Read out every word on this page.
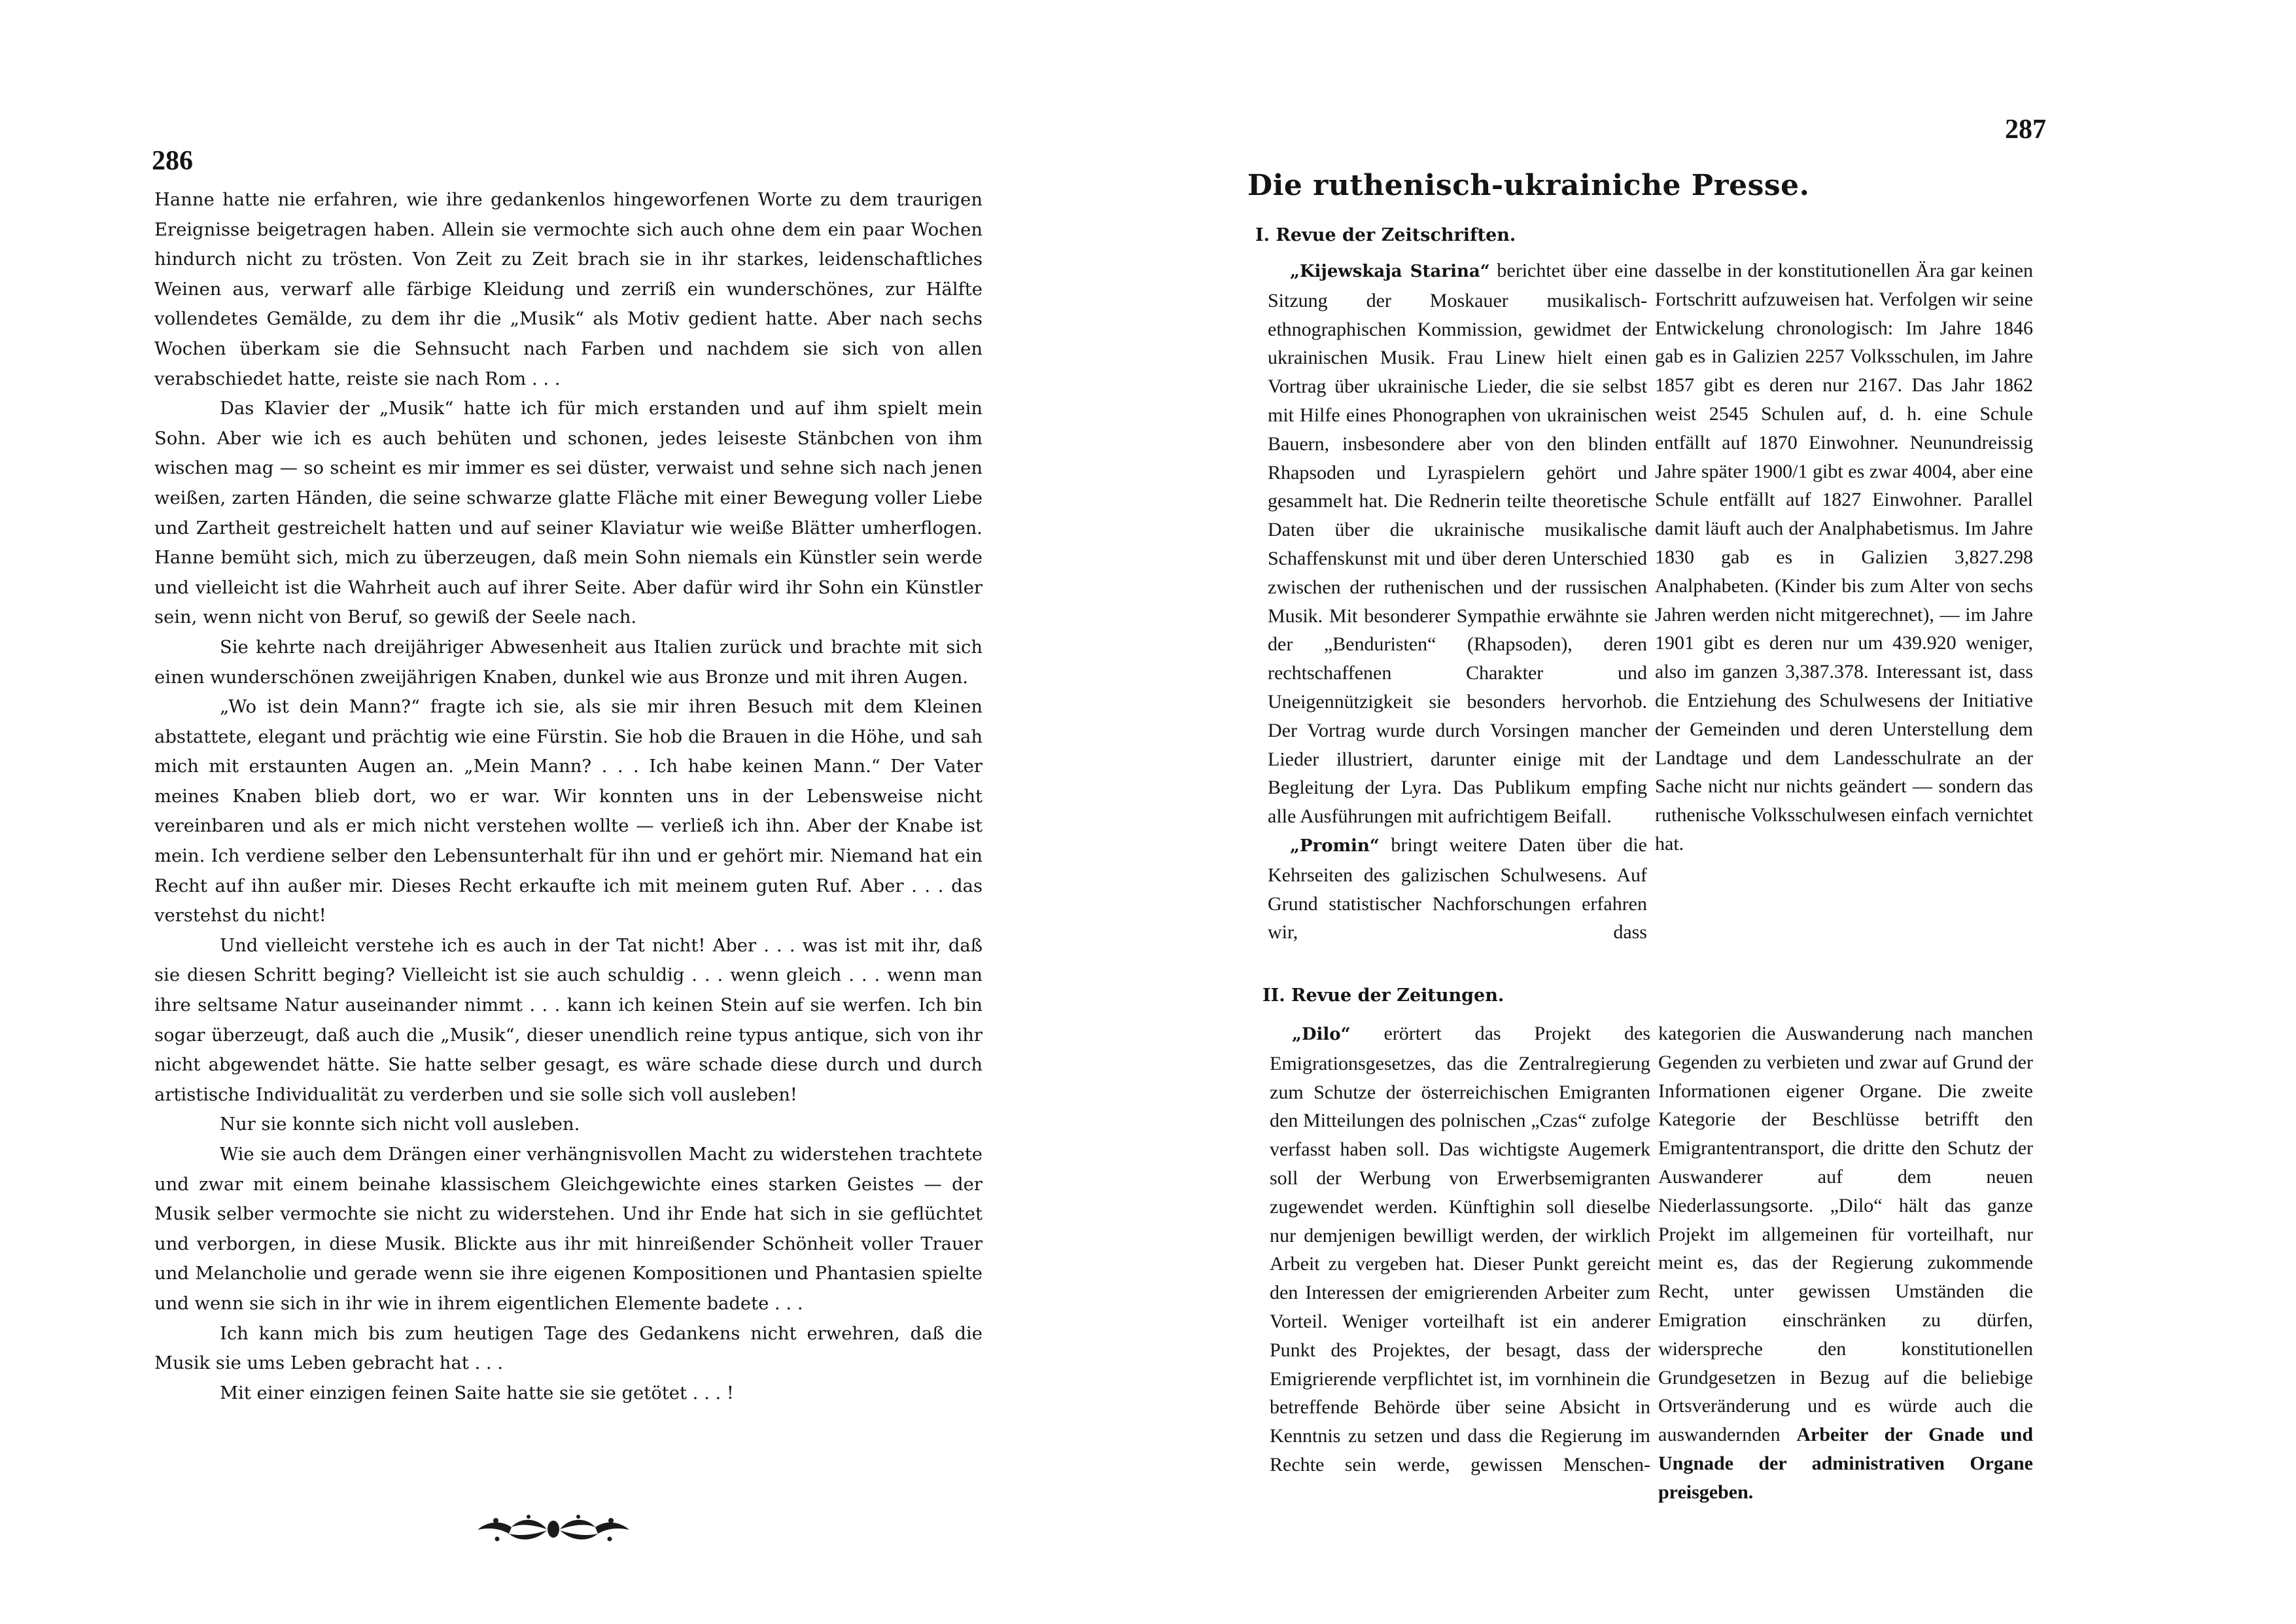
286

Hanne hatte nie erfahren, wie ihre gedankenlos hingeworfenen Worte zu dem traurigen Ereignisse beigetragen haben. Allein sie vermochte sich auch ohne dem ein paar Wochen hindurch nicht zu trösten. Von Zeit zu Zeit brach sie in ihr starkes, leidenschaftliches Weinen aus, verwarf alle färbige Kleidung und zerriß ein wunderschönes, zur Hälfte vollendetes Gemälde, zu dem ihr die „Musik“ als Motiv gedient hatte. Aber nach sechs Wochen überkam sie die Sehnsucht nach Farben und nachdem sie sich von allen verabschiedet hatte, reiste sie nach Rom . . .

Das Klavier der „Musik“ hatte ich für mich erstanden und auf ihm spielt mein Sohn. Aber wie ich es auch behüten und schonen, jedes leiseste Stänbchen von ihm wischen mag — so scheint es mir immer es sei düster, verwaist und sehne sich nach jenen weißen, zarten Händen, die seine schwarze glatte Fläche mit einer Bewegung voller Liebe und Zartheit gestreichelt hatten und auf seiner Klaviatur wie weiße Blätter umherflogen. Hanne bemüht sich, mich zu überzeugen, daß mein Sohn niemals ein Künstler sein werde und vielleicht ist die Wahrheit auch auf ihrer Seite. Aber dafür wird ihr Sohn ein Künstler sein, wenn nicht von Beruf, so gewiß der Seele nach.

Sie kehrte nach dreijähriger Abwesenheit aus Italien zurück und brachte mit sich einen wunderschönen zweijährigen Knaben, dunkel wie aus Bronze und mit ihren Augen.

„Wo ist dein Mann?“ fragte ich sie, als sie mir ihren Besuch mit dem Kleinen abstattete, elegant und prächtig wie eine Fürstin. Sie hob die Brauen in die Höhe, und sah mich mit erstaunten Augen an. „Mein Mann? . . . Ich habe keinen Mann.“ Der Vater meines Knaben blieb dort, wo er war. Wir konnten uns in der Lebensweise nicht vereinbaren und als er mich nicht verstehen wollte — verließ ich ihn. Aber der Knabe ist mein. Ich verdiene selber den Lebensunterhalt für ihn und er gehört mir. Niemand hat ein Recht auf ihn außer mir. Dieses Recht erkaufte ich mit meinem guten Ruf. Aber . . . das verstehst du nicht!

Und vielleicht verstehe ich es auch in der Tat nicht! Aber . . . was ist mit ihr, daß sie diesen Schritt beging? Vielleicht ist sie auch schuldig . . . wenn gleich . . . wenn man ihre seltsame Natur auseinander nimmt . . . kann ich keinen Stein auf sie werfen. Ich bin sogar überzeugt, daß auch die „Musik“, dieser unendlich reine typus antique, sich von ihr nicht abgewendet hätte. Sie hatte selber gesagt, es wäre schade diese durch und durch artistische Individualität zu verderben und sie solle sich voll ausleben!

Nur sie konnte sich nicht voll ausleben.

Wie sie auch dem Drängen einer verhängnisvollen Macht zu widerstehen trachtete und zwar mit einem beinahe klassischem Gleichgewichte eines starken Geistes — der Musik selber vermochte sie nicht zu widerstehen. Und ihr Ende hat sich in sie geflüchtet und verborgen, in diese Musik. Blickte aus ihr mit hinreißender Schönheit voller Trauer und Melancholie und gerade wenn sie ihre eigenen Kompositionen und Phantasien spielte und wenn sie sich in ihr wie in ihrem eigentlichen Elemente badete . . .

Ich kann mich bis zum heutigen Tage des Gedankens nicht erwehren, daß die Musik sie ums Leben gebracht hat . . .

Mit einer einzigen feinen Saite hatte sie sie getötet . . . !

287
Die ruthenisch-ukrainiche Presse.
I. Revue der Zeitschriften.

„Kijewskaja Starina“ berichtet über eine Sitzung der Moskauer musikalisch-ethnographischen Kommission, gewidmet der ukrainischen Musik. Frau Linew hielt einen Vortrag über ukrainische Lieder, die sie selbst mit Hilfe eines Phonographen von ukrainischen Bauern, insbesondere aber von den blinden Rhapsoden und Lyraspielern gehört und gesammelt hat. Die Rednerin teilte theoretische Daten über die ukrainische musikalische Schaffenskunst mit und über deren Unterschied zwischen der ruthenischen und der russischen Musik. Mit besonderer Sympathie erwähnte sie der „Benduristen“ (Rhapsoden), deren rechtschaffenen Charakter und Uneigennützigkeit sie besonders hervorhob. Der Vortrag wurde durch Vorsingen mancher Lieder illustriert, darunter einige mit der Begleitung der Lyra. Das Publikum empfing alle Ausführungen mit aufrichtigem Beifall.

„Promin“ bringt weitere Daten über die Kehrseiten des galizischen Schulwesens. Auf Grund statistischer Nachforschungen erfahren wir, dass

dasselbe in der konstitutionellen Ära gar keinen Fortschritt aufzuweisen hat. Verfolgen wir seine Entwickelung chronologisch: Im Jahre 1846 gab es in Galizien 2257 Volksschulen, im Jahre 1857 gibt es deren nur 2167. Das Jahr 1862 weist 2545 Schulen auf, d. h. eine Schule entfällt auf 1870 Einwohner. Neunundreissig Jahre später 1900/1 gibt es zwar 4004, aber eine Schule entfällt auf 1827 Einwohner. Parallel damit läuft auch der Analphabetismus. Im Jahre 1830 gab es in Galizien 3,827.298 Analphabeten. (Kinder bis zum Alter von sechs Jahren werden nicht mitgerechnet), — im Jahre 1901 gibt es deren nur um 439.920 weniger, also im ganzen 3,387.378. Interessant ist, dass die Entziehung des Schulwesens der Initiative der Gemeinden und deren Unterstellung dem Landtage und dem Landesschulrate an der Sache nicht nur nichts geändert — sondern das ruthenische Volksschulwesen einfach vernichtet hat.

II. Revue der Zeitungen.

„Dilo“ erörtert das Projekt des Emigrationsgesetzes, das die Zentralregierung zum Schutze der österreichischen Emigranten den Mitteilungen des polnischen „Czas“ zufolge verfasst haben soll. Das wichtigste Augemerk soll der Werbung von Erwerbsemigranten zugewendet werden. Künftighin soll dieselbe nur demjenigen bewilligt werden, der wirklich Arbeit zu vergeben hat. Dieser Punkt gereicht den Interessen der emigrierenden Arbeiter zum Vorteil. Weniger vorteilhaft ist ein anderer Punkt des Projektes, der besagt, dass der Emigrierende verpflichtet ist, im vornhinein die betreffende Behörde über seine Absicht in Kenntnis zu setzen und dass die Regierung im Rechte sein werde, gewissen Menschen-

kategorien die Auswanderung nach manchen Gegenden zu verbieten und zwar auf Grund der Informationen eigener Organe. Die zweite Kategorie der Beschlüsse betrifft den Emigrantentransport, die dritte den Schutz der Auswanderer auf dem neuen Niederlassungsorte. „Dilo“ hält das ganze Projekt im allgemeinen für vorteilhaft, nur meint es, das der Regierung zukommende Recht, unter gewissen Umständen die Emigration einschränken zu dürfen, widerspreche den konstitutionellen Grundgesetzen in Bezug auf die beliebige Ortsveränderung und es würde auch die auswandernden Arbeiter der Gnade und Ungnade der administrativen Organe preisgeben.
